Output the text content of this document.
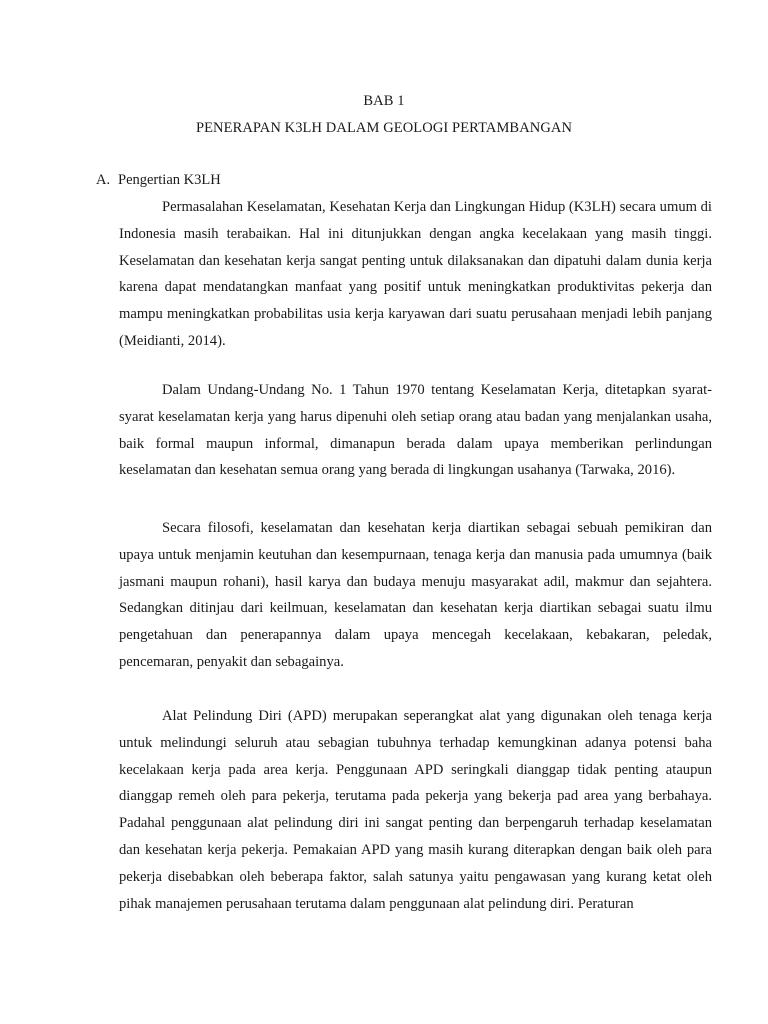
BAB 1
PENERAPAN K3LH DALAM GEOLOGI PERTAMBANGAN
A. Pengertian K3LH

Permasalahan Keselamatan, Kesehatan Kerja dan Lingkungan Hidup (K3LH) secara umum di Indonesia masih terabaikan. Hal ini ditunjukkan dengan angka kecelakaan yang masih tinggi. Keselamatan dan kesehatan kerja sangat penting untuk dilaksanakan dan dipatuhi dalam dunia kerja karena dapat mendatangkan manfaat yang positif untuk meningkatkan produktivitas pekerja dan mampu meningkatkan probabilitas usia kerja karyawan dari suatu perusahaan menjadi lebih panjang (Meidianti, 2014).

Dalam Undang-Undang No. 1 Tahun 1970 tentang Keselamatan Kerja, ditetapkan syarat-syarat keselamatan kerja yang harus dipenuhi oleh setiap orang atau badan yang menjalankan usaha, baik formal maupun informal, dimanapun berada dalam upaya memberikan perlindungan keselamatan dan kesehatan semua orang yang berada di lingkungan usahanya (Tarwaka, 2016).

Secara filosofi, keselamatan dan kesehatan kerja diartikan sebagai sebuah pemikiran dan upaya untuk menjamin keutuhan dan kesempurnaan, tenaga kerja dan manusia pada umumnya (baik jasmani maupun rohani), hasil karya dan budaya menuju masyarakat adil, makmur dan sejahtera. Sedangkan ditinjau dari keilmuan, keselamatan dan kesehatan kerja diartikan sebagai suatu ilmu pengetahuan dan penerapannya dalam upaya mencegah kecelakaan, kebakaran, peledak, pencemaran, penyakit dan sebagainya.

Alat Pelindung Diri (APD) merupakan seperangkat alat yang digunakan oleh tenaga kerja untuk melindungi seluruh atau sebagian tubuhnya terhadap kemungkinan adanya potensi baha kecelakaan kerja pada area kerja. Penggunaan APD seringkali dianggap tidak penting ataupun dianggap remeh oleh para pekerja, terutama pada pekerja yang bekerja pad area yang berbahaya. Padahal penggunaan alat pelindung diri ini sangat penting dan berpengaruh terhadap keselamatan dan kesehatan kerja pekerja. Pemakaian APD yang masih kurang diterapkan dengan baik oleh para pekerja disebabkan oleh beberapa faktor, salah satunya yaitu pengawasan yang kurang ketat oleh pihak manajemen perusahaan terutama dalam penggunaan alat pelindung diri. Peraturan
